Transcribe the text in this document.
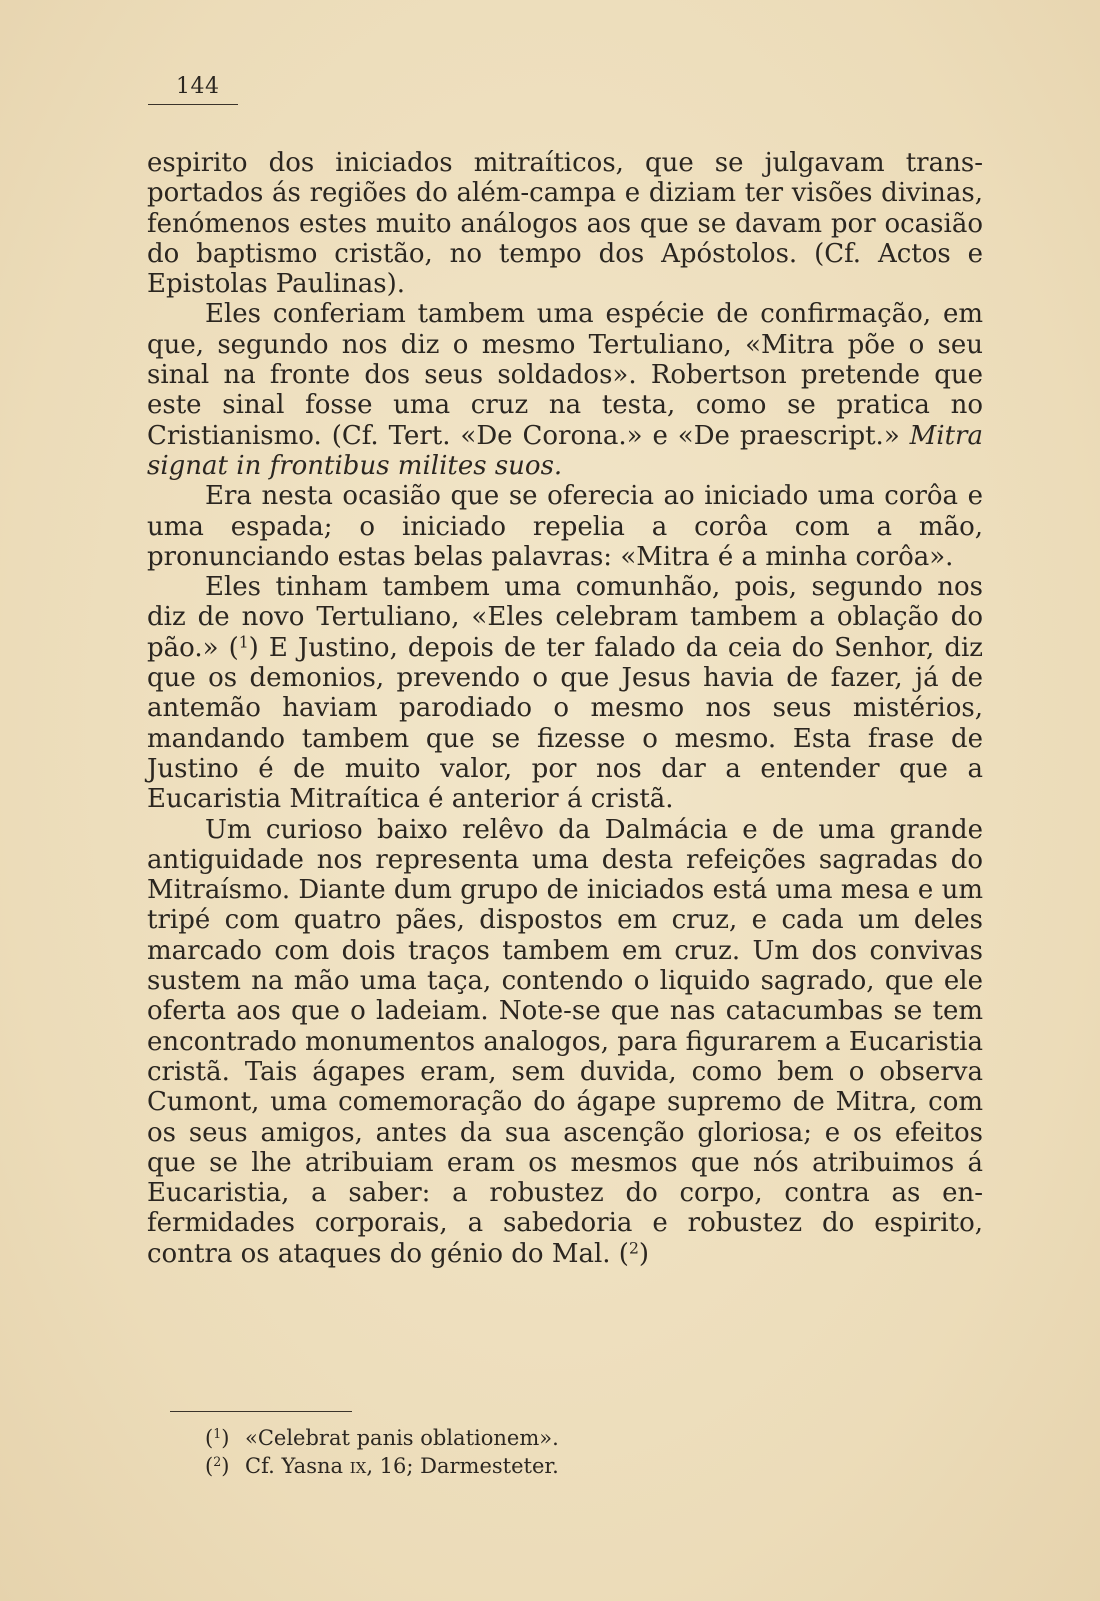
144

espirito dos iniciados mitraíticos, que se julgavam transportados ás regiões do além-campa e diziam ter visões divinas, fenómenos estes muito análogos aos que se davam por ocasião do baptismo cristão, no tempo dos Apóstolos. (Cf. Actos e Epistolas Paulinas).

Eles conferiam tambem uma espécie de confirmação, em que, segundo nos diz o mesmo Tertuliano, «Mitra põe o seu sinal na fronte dos seus soldados». Robertson pretende que este sinal fosse uma cruz na testa, como se pratica no Cristianismo. (Cf. Tert. «De Corona.» e «De praescript.» Mitra signat in frontibus milites suos.

Era nesta ocasião que se oferecia ao iniciado uma corôa e uma espada; o iniciado repelia a corôa com a mão, pronunciando estas belas palavras: «Mitra é a minha corôa».

Eles tinham tambem uma comunhão, pois, segundo nos diz de novo Tertuliano, «Eles celebram tambem a oblação do pão.» ($^1$) E Justino, depois de ter falado da ceia do Senhor, diz que os demonios, prevendo o que Jesus havia de fazer, já de antemão haviam parodiado o mesmo nos seus mistérios, mandando tambem que se fizesse o mesmo. Esta frase de Justino é de muito valor, por nos dar a entender que a Eucaristia Mitraítica é anterior á cristã.

Um curioso baixo relêvo da Dalmácia e de uma grande antiguidade nos representa uma desta refeições sagradas do Mitraísmo. Diante dum grupo de iniciados está uma mesa e um tripé com quatro pães, dispostos em cruz, e cada um deles marcado com dois traços tambem em cruz. Um dos convivas sustem na mão uma taça, contendo o liquido sagrado, que ele oferta aos que o ladeiam. Note-se que nas catacumbas se tem encontrado monumentos analogos, para figurarem a Eucaristia cristã. Tais ágapes eram, sem duvida, como bem o observa Cumont, uma comemoração do ágape supremo de Mitra, com os seus amigos, antes da sua ascenção gloriosa; e os efeitos que se lhe atribuiam eram os mesmos que nós atribuimos á Eucaristia, a saber: a robustez do corpo, contra as enfermidades corporais, a sabedoria e robustez do espirito, contra os ataques do génio do Mal. ($^2$)

($^1$) «Celebrat panis oblationem».
($^2$) Cf. Yasna ix, 16; Darmesteter.
